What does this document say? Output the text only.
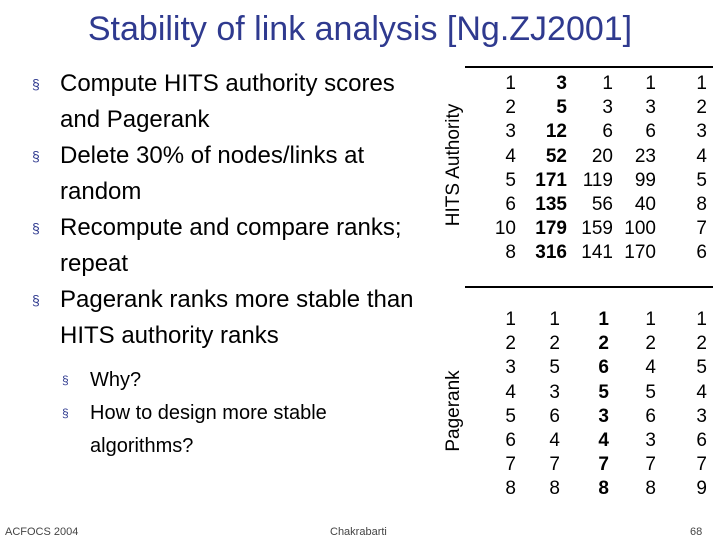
Stability of link analysis [Ng.ZJ2001]
§ Compute HITS authority scores and Pagerank
§ Delete 30% of nodes/links at random
§ Recompute and compare ranks; repeat
§ Pagerank ranks more stable than HITS authority ranks
§ Why?
§ How to design more stable algorithms?
HITS Authority
1
2
3
4
5
6
10
8
3
5
12
52
171
135
179
316
1
3
6
20
119
56
159
141
1
3
6
23
99
40
100
170
1
2
3
4
5
8
7
6
Pagerank
1
2
3
4
5
6
7
8
1
2
5
3
6
4
7
8
1
2
6
5
3
4
7
8
1
2
4
5
6
3
7
8
1
2
5
4
3
6
7
9
ACFOCS 2004	Chakrabarti	68
